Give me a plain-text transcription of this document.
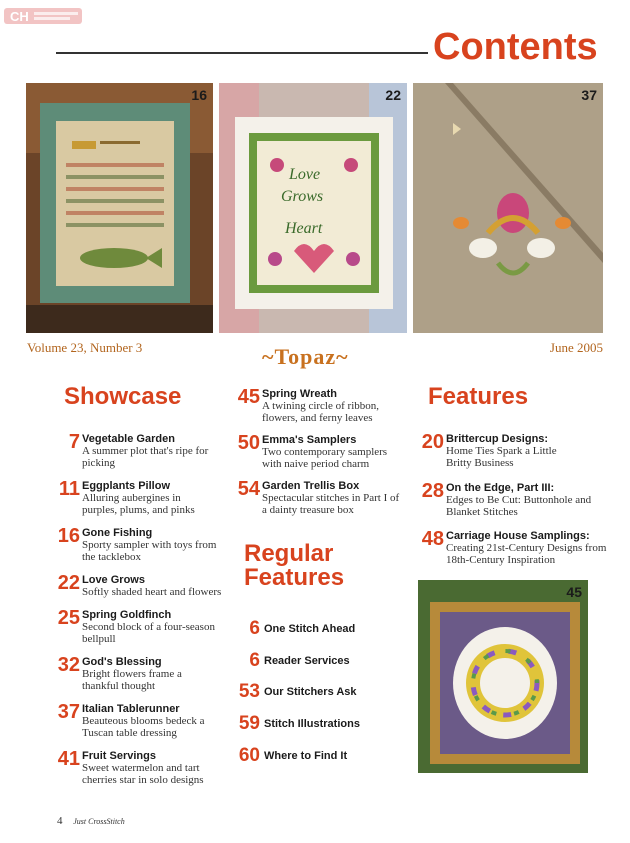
CH
Contents
16
Love
Grows
Heart
22	37
Volume 23, Number 3	~Topaz~	June 2005
Showcase
7 Vegetable Garden
A summer plot that's ripe for picking
11 Eggplants Pillow
Alluring aubergines in purples, plums, and pinks
16 Gone Fishing
Sporty sampler with toys from the tacklebox
22 Love Grows
Softly shaded heart and flowers
25 Spring Goldfinch
Second block of a four-season bellpull
32 God's Blessing
Bright flowers frame a thankful thought
37 Italian Tablerunner
Beauteous blooms bedeck a Tuscan table dressing
41 Fruit Servings
Sweet watermelon and tart cherries star in solo designs
45 Spring Wreath
A twining circle of ribbon, flowers, and ferny leaves
50 Emma's Samplers
Two contemporary samplers with naive period charm
54 Garden Trellis Box
Spectacular stitches in Part I of a dainty treasure box
Regular
Features
6 One Stitch Ahead
6 Reader Services
53 Our Stitchers Ask
59 Stitch Illustrations
60 Where to Find It
Features
20 Brittercup Designs:
Home Ties Spark a Little Britty Business
28 On the Edge, Part III:
Edges to Be Cut: Buttonhole and Blanket Stitches
48 Carriage House Samplings:
Creating 21st-Century Designs from 18th-Century Inspiration
45
4 Just CrossStitch
